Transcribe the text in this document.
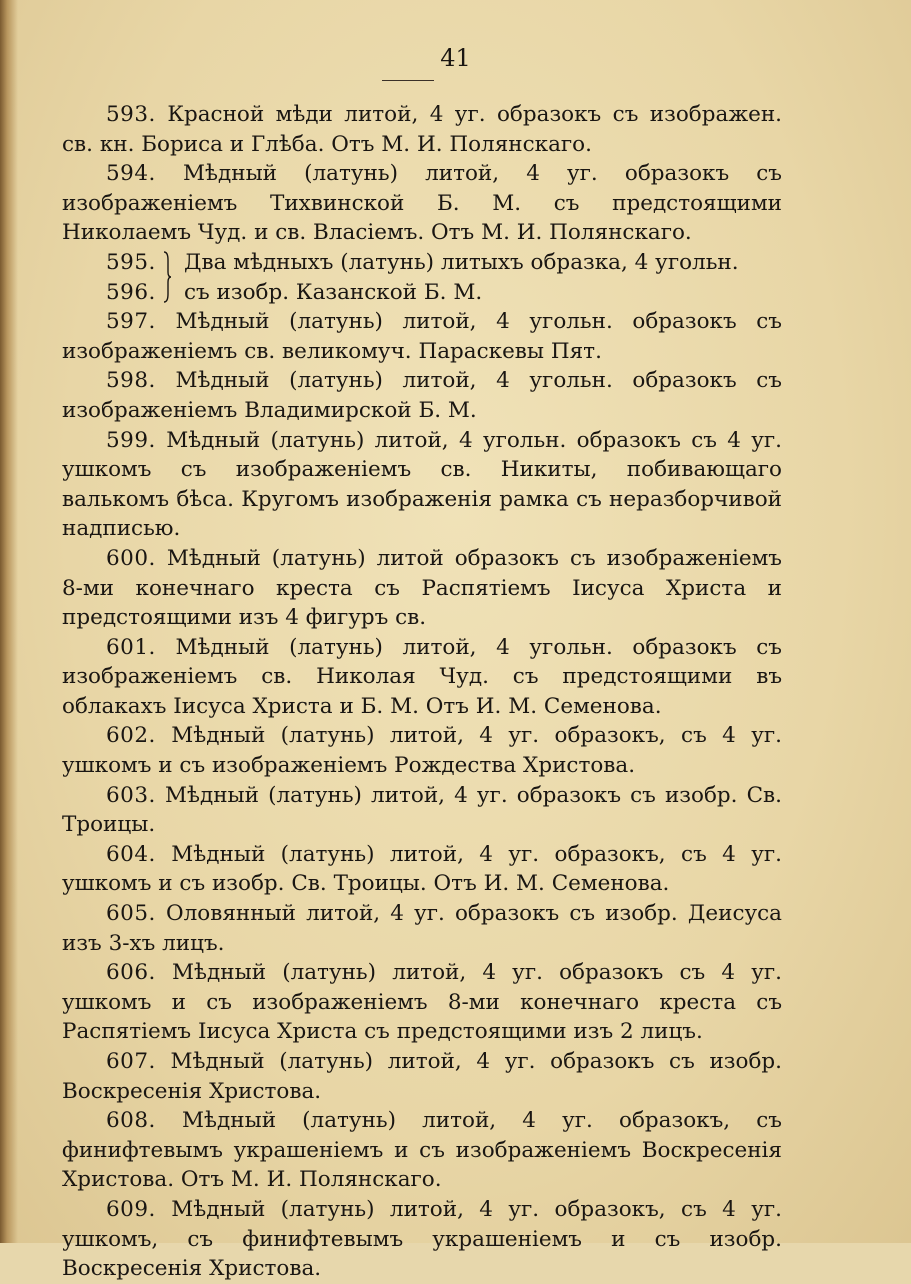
41

593. Красной мѣди литой, 4 уг. образокъ съ изображен. св. кн. Бориса и Глѣба. Отъ М. И. Полянскаго.

594. Мѣдный (латунь) литой, 4 уг. образокъ съ изображеніемъ Тихвинской Б. М. съ предстоящими Николаемъ Чуд. и св. Власіемъ. Отъ М. И. Полянскаго.

595.	Два мѣдныхъ (латунь) литыхъ образка, 4 угольн.
596.	съ изобр. Казанской Б. М.

597. Мѣдный (латунь) литой, 4 угольн. образокъ съ изображеніемъ св. великомуч. Параскевы Пят.

598. Мѣдный (латунь) литой, 4 угольн. образокъ съ изображеніемъ Владимирской Б. М.

599. Мѣдный (латунь) литой, 4 угольн. образокъ съ 4 уг. ушкомъ съ изображеніемъ св. Никиты, побивающаго валькомъ бѣса. Кругомъ изображенія рамка съ неразборчивой надписью.

600. Мѣдный (латунь) литой образокъ съ изображеніемъ 8-ми конечнаго креста съ Распятіемъ Іисуса Христа и предстоящими изъ 4 фигуръ св.

601. Мѣдный (латунь) литой, 4 угольн. образокъ съ изображеніемъ св. Николая Чуд. съ предстоящими въ облакахъ Іисуса Христа и Б. М. Отъ И. М. Семенова.

602. Мѣдный (латунь) литой, 4 уг. образокъ, съ 4 уг. ушкомъ и съ изображеніемъ Рождества Христова.

603. Мѣдный (латунь) литой, 4 уг. образокъ съ изобр. Св. Троицы.

604. Мѣдный (латунь) литой, 4 уг. образокъ, съ 4 уг. ушкомъ и съ изобр. Св. Троицы. Отъ И. М. Семенова.

605. Оловянный литой, 4 уг. образокъ съ изобр. Деисуса изъ 3-хъ лицъ.

606. Мѣдный (латунь) литой, 4 уг. образокъ съ 4 уг. ушкомъ и съ изображеніемъ 8-ми конечнаго креста съ Распятіемъ Іисуса Христа съ предстоящими изъ 2 лицъ.

607. Мѣдный (латунь) литой, 4 уг. образокъ съ изобр. Воскресенія Христова.

608. Мѣдный (латунь) литой, 4 уг. образокъ, съ финифтевымъ украшеніемъ и съ изображеніемъ Воскресенія Христова. Отъ М. И. Полянскаго.

609. Мѣдный (латунь) литой, 4 уг. образокъ, съ 4 уг. ушкомъ, съ финифтевымъ украшеніемъ и съ изобр. Воскресенія Христова.
